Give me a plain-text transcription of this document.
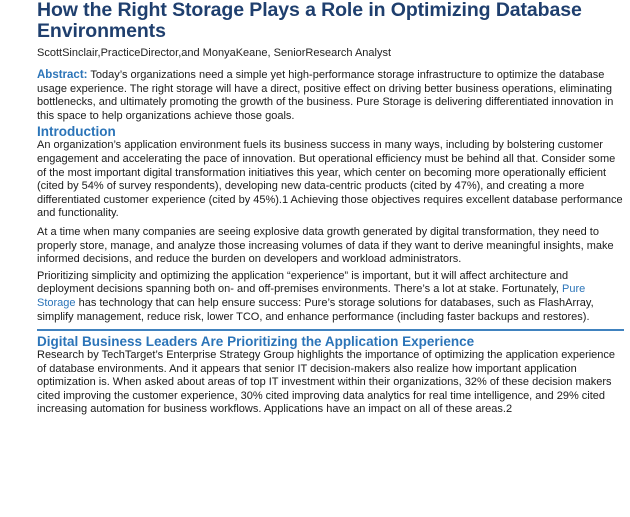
How the Right Storage Plays a Role in Optimizing Database Environments
ScottSinclair,PracticeDirector,and MonyaKeane, SeniorResearch Analyst

Abstract: Today’s organizations need a simple yet high-performance storage infrastructure to optimize the database usage experience. The right storage will have a direct, positive effect on driving better business operations, eliminating bottlenecks, and ultimately promoting the growth of the business. Pure Storage is delivering differentiated innovation in this space to help organizations achieve those goals.

Introduction

An organization’s application environment fuels its business success in many ways, including by bolstering customer engagement and accelerating the pace of innovation. But operational efficiency must be behind all that. Consider some of the most important digital transformation initiatives this year, which center on becoming more operationally efficient (cited by 54% of survey respondents), developing new data-centric products (cited by 47%), and creating a more differentiated customer experience (cited by 45%).1 Achieving those objectives requires excellent database performance and functionality.

At a time when many companies are seeing explosive data growth generated by digital transformation, they need to properly store, manage, and analyze those increasing volumes of data if they want to derive meaningful insights, make informed decisions, and reduce the burden on developers and workload administrators.

Prioritizing simplicity and optimizing the application “experience” is important, but it will affect architecture and deployment decisions spanning both on- and off-premises environments. There’s a lot at stake. Fortunately, Pure Storage has technology that can help ensure success: Pure’s storage solutions for databases, such as FlashArray, simplify management, reduce risk, lower TCO, and enhance performance (including faster backups and restores).

Digital Business Leaders Are Prioritizing the Application Experience

Research by TechTarget’s Enterprise Strategy Group highlights the importance of optimizing the application experience of database environments. And it appears that senior IT decision-makers also realize how important application optimization is. When asked about areas of top IT investment within their organizations, 32% of these decision makers cited improving the customer experience, 30% cited improving data analytics for real time intelligence, and 29% cited increasing automation for business workflows. Applications have an impact on all of these areas.2
